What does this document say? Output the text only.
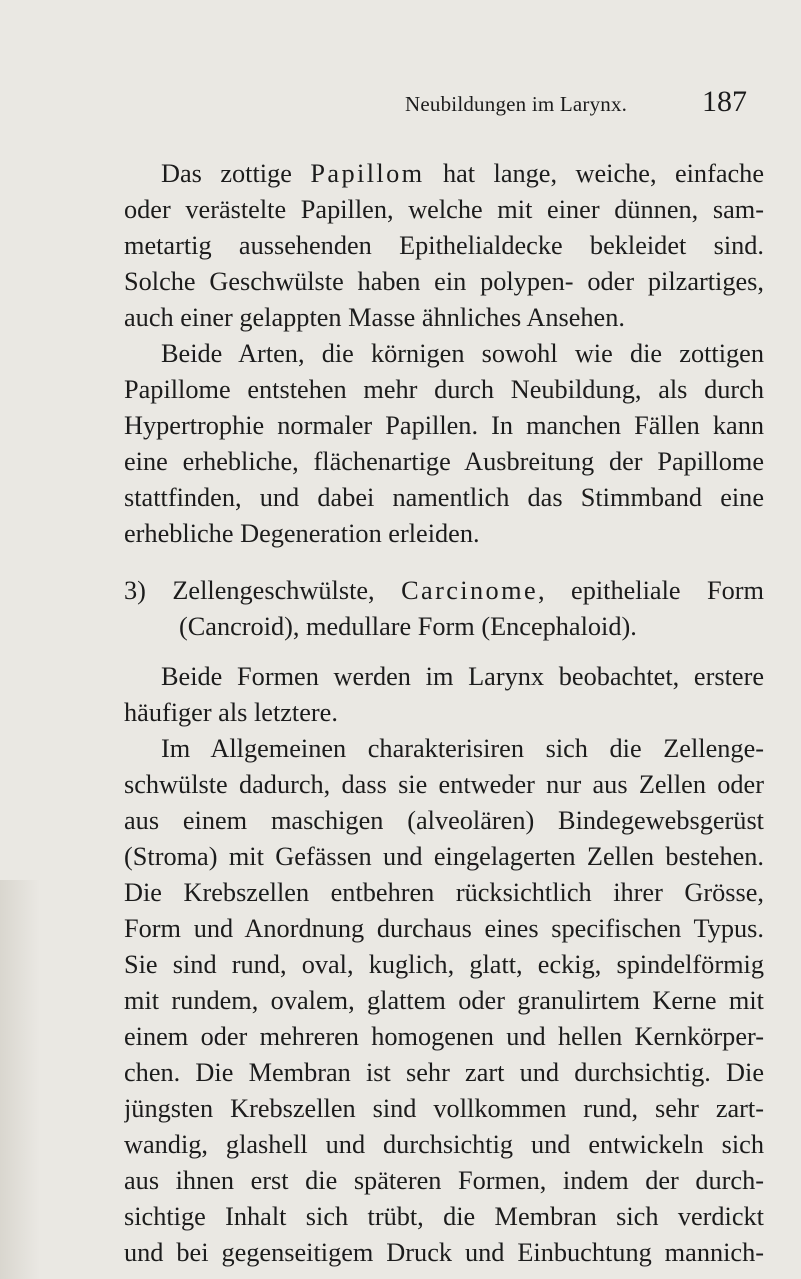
Neubildungen im Larynx. 187
Das zottige Papillom hat lange, weiche, einfache
oder verästelte Papillen, welche mit einer dünnen, sam-
metartig aussehenden Epithelialdecke bekleidet sind.
Solche Geschwülste haben ein polypen- oder pilzartiges,
auch einer gelappten Masse ähnliches Ansehen.
Beide Arten, die körnigen sowohl wie die zottigen
Papillome entstehen mehr durch Neubildung, als durch
Hypertrophie normaler Papillen. In manchen Fällen kann
eine erhebliche, flächenartige Ausbreitung der Papillome
stattfinden, und dabei namentlich das Stimmband eine
erhebliche Degeneration erleiden.
3) Zellengeschwülste, Carcinome, epitheliale Form
(Cancroid), medullare Form (Encephaloid).
Beide Formen werden im Larynx beobachtet, erstere
häufiger als letztere.
Im Allgemeinen charakterisiren sich die Zellenge-
schwülste dadurch, dass sie entweder nur aus Zellen oder
aus einem maschigen (alveolären) Bindegewebsgerüst
(Stroma) mit Gefässen und eingelagerten Zellen bestehen.
Die Krebszellen entbehren rücksichtlich ihrer Grösse,
Form und Anordnung durchaus eines specifischen Typus.
Sie sind rund, oval, kuglich, glatt, eckig, spindelförmig
mit rundem, ovalem, glattem oder granulirtem Kerne mit
einem oder mehreren homogenen und hellen Kernkörper-
chen. Die Membran ist sehr zart und durchsichtig. Die
jüngsten Krebszellen sind vollkommen rund, sehr zart-
wandig, glashell und durchsichtig und entwickeln sich
aus ihnen erst die späteren Formen, indem der durch-
sichtige Inhalt sich trübt, die Membran sich verdickt
und bei gegenseitigem Druck und Einbuchtung mannich-
